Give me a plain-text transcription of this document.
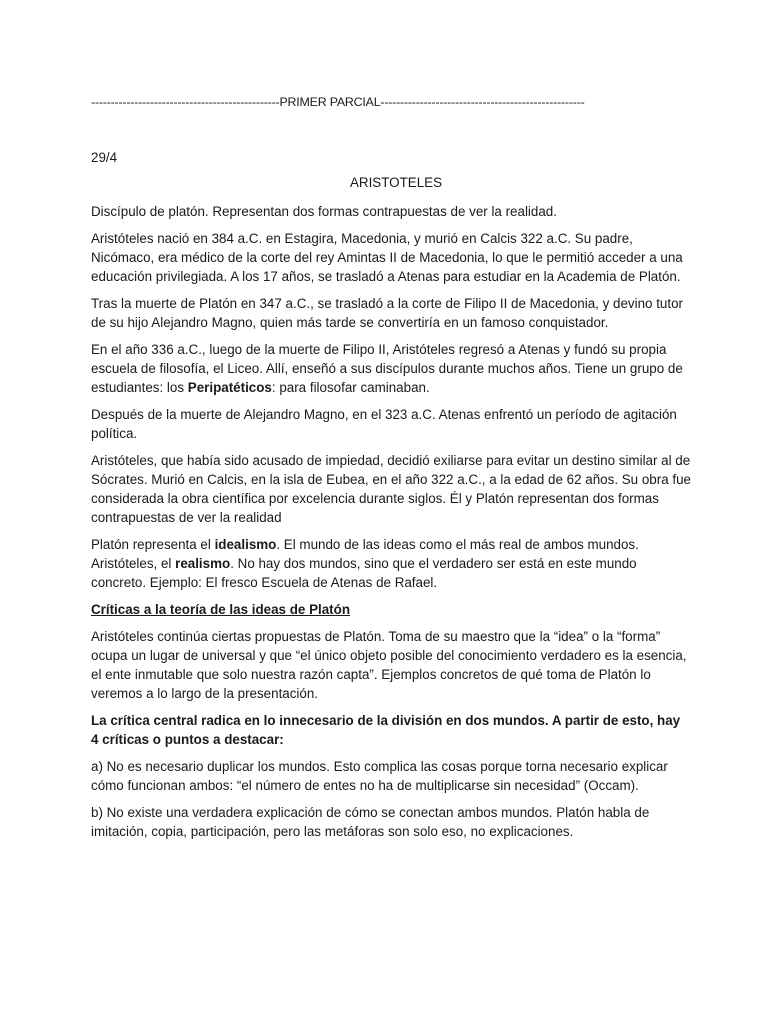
------------------------------------------------PRIMER PARCIAL----------------------------------------------------
29/4
ARISTOTELES

Discípulo de platón. Representan dos formas contrapuestas de ver la realidad.

Aristóteles nació en 384 a.C. en Estagira, Macedonia, y murió en Calcis 322 a.C. Su padre, Nicómaco, era médico de la corte del rey Amintas II de Macedonia, lo que le permitió acceder a una educación privilegiada. A los 17 años, se trasladó a Atenas para estudiar en la Academia de Platón.

Tras la muerte de Platón en 347 a.C., se trasladó a la corte de Filipo II de Macedonia, y devino tutor de su hijo Alejandro Magno, quien más tarde se convertiría en un famoso conquistador.

En el año 336 a.C., luego de la muerte de Filipo II, Aristóteles regresó a Atenas y fundó su propia escuela de filosofía, el Liceo. Allí, enseñó a sus discípulos durante muchos años. Tiene un grupo de estudiantes: los Peripatéticos: para filosofar caminaban.

Después de la muerte de Alejandro Magno, en el 323 a.C. Atenas enfrentó un período de agitación política.

Aristóteles, que había sido acusado de impiedad, decidió exiliarse para evitar un destino similar al de Sócrates. Murió en Calcis, en la isla de Eubea, en el año 322 a.C., a la edad de 62 años. Su obra fue considerada la obra científica por excelencia durante siglos. Él y Platón representan dos formas contrapuestas de ver la realidad

Platón representa el idealismo. El mundo de las ideas como el más real de ambos mundos. Aristóteles, el realismo. No hay dos mundos, sino que el verdadero ser está en este mundo concreto. Ejemplo: El fresco Escuela de Atenas de Rafael.

Críticas a la teoría de las ideas de Platón

Aristóteles continúa ciertas propuestas de Platón. Toma de su maestro que la “idea” o la “forma” ocupa un lugar de universal y que “el único objeto posible del conocimiento verdadero es la esencia, el ente inmutable que solo nuestra razón capta”. Ejemplos concretos de qué toma de Platón lo veremos a lo largo de la presentación.

La crítica central radica en lo innecesario de la división en dos mundos. A partir de esto, hay 4 críticas o puntos a destacar:

a) No es necesario duplicar los mundos. Esto complica las cosas porque torna necesario explicar cómo funcionan ambos: “el número de entes no ha de multiplicarse sin necesidad” (Occam).

b) No existe una verdadera explicación de cómo se conectan ambos mundos. Platón habla de imitación, copia, participación, pero las metáforas son solo eso, no explicaciones.
